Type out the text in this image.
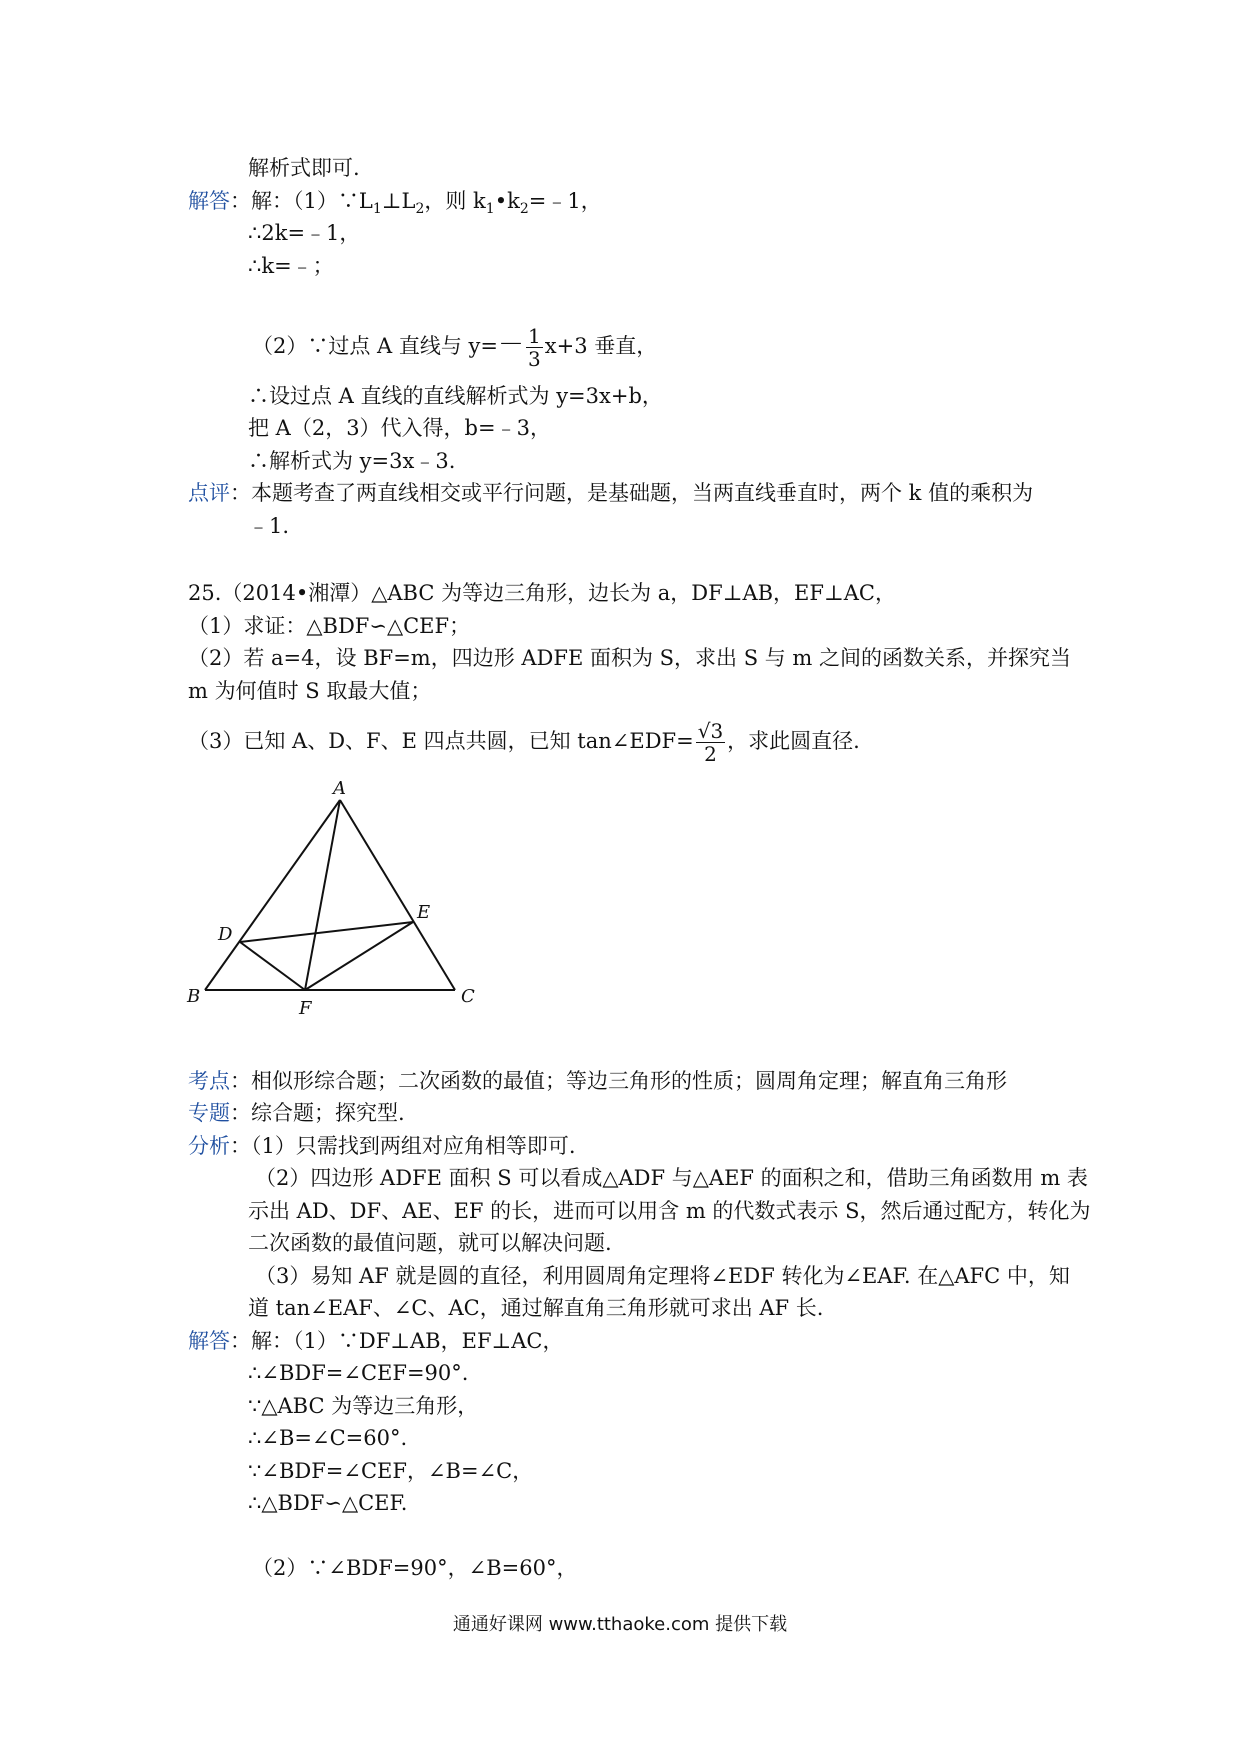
解析式即可.
解答：解：$(1)\because L_1\perp L_2$，则 $k_1•k_2=﹣1$，
∴2k=﹣1，
∴k=﹣；
（2）∵过点 A 直线与 $y=- \frac{1}{3} x+3$ 垂直，
∴设过点 A 直线的直线解析式为 y=3x+b，
把 A（2，3）代入得，b=﹣3，
∴解析式为 y=3x﹣3.
点评：本题考查了两直线相交或平行问题，是基础题，当两直线垂直时，两个 k 值的乘积为
﹣1.
25.（2014•湘潭）△ABC 为等边三角形，边长为 a，DF⊥AB，EF⊥AC，
（1）求证：△BDF∽△CEF；
（2）若 a=4，设 BF=m，四边形 ADFE 面积为 S，求出 S 与 m 之间的函数关系，并探究当
m 为何值时 S 取最大值；
（3）已知 A、D、F、E 四点共圆，已知 tan∠EDF= $\frac{√3}{2}$ ，求此圆直径.
A
B	C
D
E
F
考点：相似形综合题；二次函数的最值；等边三角形的性质；圆周角定理；解直角三角形
专题：综合题；探究型.
分析：（1）只需找到两组对应角相等即可.
（2）四边形 ADFE 面积 S 可以看成△ADF 与△AEF 的面积之和，借助三角函数用 m 表
示出 AD、DF、AE、EF 的长，进而可以用含 m 的代数式表示 S，然后通过配方，转化为
二次函数的最值问题，就可以解决问题.
（3）易知 AF 就是圆的直径，利用圆周角定理将∠EDF 转化为∠EAF. 在△AFC 中，知
道 tan∠EAF、∠C、AC，通过解直角三角形就可求出 AF 长.
解答：解：（1）∵DF⊥AB，EF⊥AC，
∴∠BDF=∠CEF=90°.
∵△ABC 为等边三角形，
∴∠B=∠C=60°.
∵∠BDF=∠CEF，∠B=∠C，
∴△BDF∽△CEF.
（2）∵∠BDF=90°，∠B=60°，
通通好课网 www.tthaoke.com 提供下载
